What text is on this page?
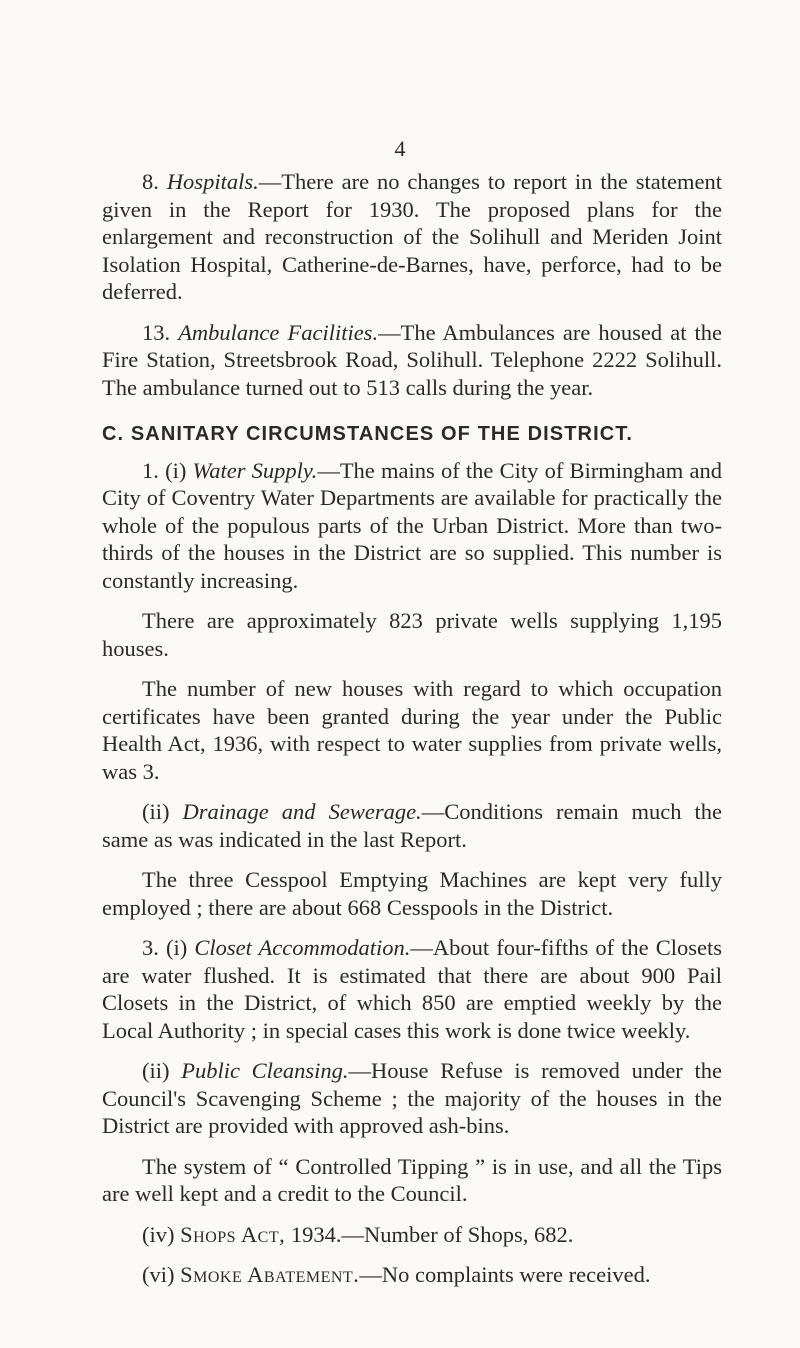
4

8. Hospitals.—There are no changes to report in the statement given in the Report for 1930. The proposed plans for the enlargement and reconstruction of the Solihull and Meriden Joint Isolation Hospital, Catherine-de-Barnes, have, perforce, had to be deferred.

13. Ambulance Facilities.—The Ambulances are housed at the Fire Station, Streetsbrook Road, Solihull. Telephone 2222 Solihull. The ambulance turned out to 513 calls during the year.

C. SANITARY CIRCUMSTANCES OF THE DISTRICT.

1. (i) Water Supply.—The mains of the City of Birmingham and City of Coventry Water Departments are available for practically the whole of the populous parts of the Urban District. More than two-thirds of the houses in the District are so supplied. This number is constantly increasing.

There are approximately 823 private wells supplying 1,195 houses.

The number of new houses with regard to which occupation certificates have been granted during the year under the Public Health Act, 1936, with respect to water supplies from private wells, was 3.

(ii) Drainage and Sewerage.—Conditions remain much the same as was indicated in the last Report.

The three Cesspool Emptying Machines are kept very fully employed ; there are about 668 Cesspools in the District.

3. (i) Closet Accommodation.—About four-fifths of the Closets are water flushed. It is estimated that there are about 900 Pail Closets in the District, of which 850 are emptied weekly by the Local Authority ; in special cases this work is done twice weekly.

(ii) Public Cleansing.—House Refuse is removed under the Council's Scavenging Scheme ; the majority of the houses in the District are provided with approved ash-bins.

The system of “ Controlled Tipping ” is in use, and all the Tips are well kept and a credit to the Council.

(iv) Shops Act, 1934.—Number of Shops, 682.

(vi) Smoke Abatement.—No complaints were received.
